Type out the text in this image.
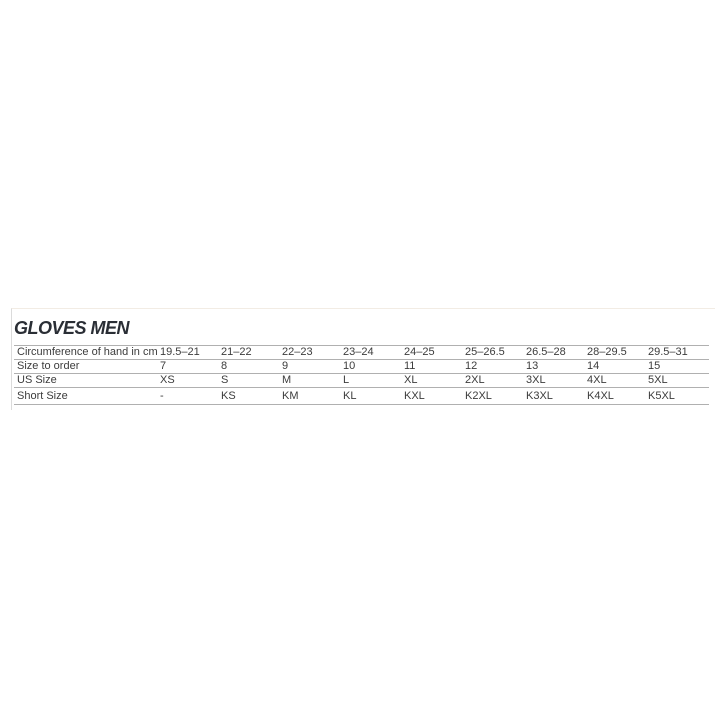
GLOVES MEN
Circumference of hand in cm	19.5–21	21–22	22–23	23–24	24–25	25–26.5	26.5–28	28–29.5	29.5–31
Size to order	7	8	9	10	11	12	13	14	15
US Size	XS	S	M	L	XL	2XL	3XL	4XL	5XL
Short Size	-	KS	KM	KL	KXL	K2XL	K3XL	K4XL	K5XL
